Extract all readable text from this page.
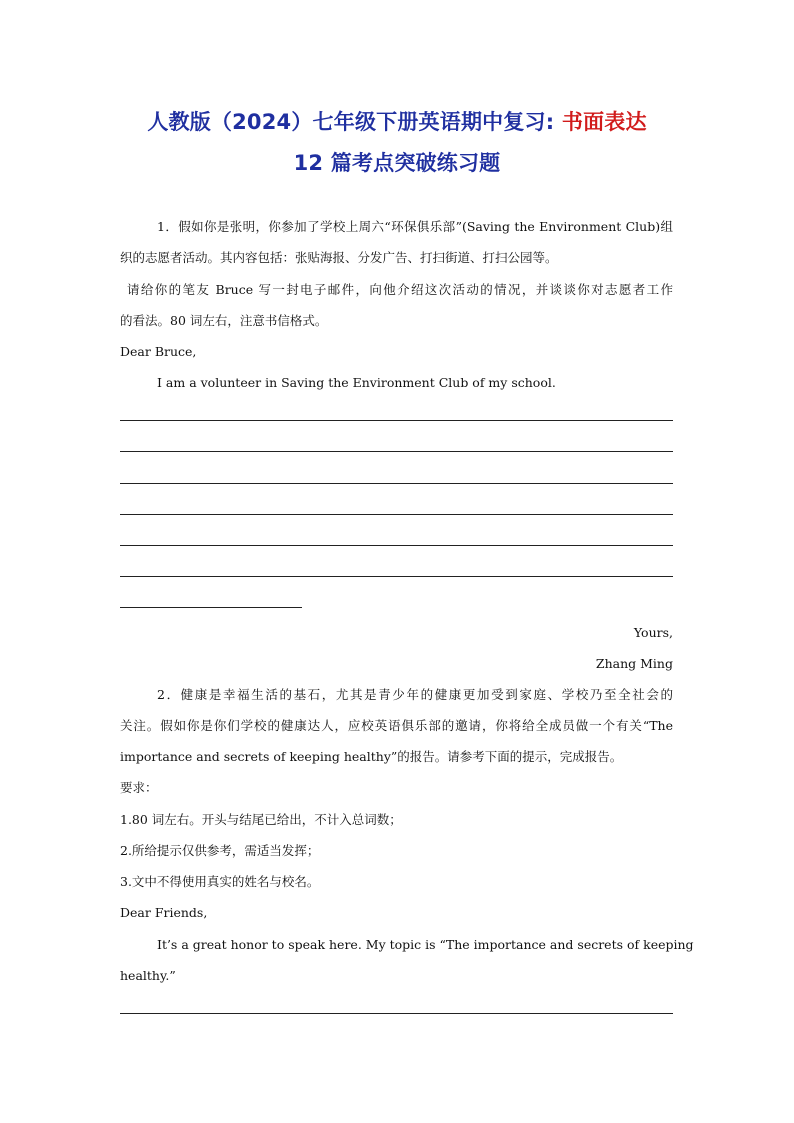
人教版（2024）七年级下册英语期中复习: 书面表达
12 篇考点突破练习题
1．假如你是张明，你参加了学校上周六“环保俱乐部”(Saving the Environment Club)组
织的志愿者活动。其内容包括：张贴海报、分发广告、打扫街道、打扫公园等。
请给你的笔友 Bruce 写一封电子邮件，向他介绍这次活动的情况，并谈谈你对志愿者工作
的看法。80 词左右，注意书信格式。
Dear Bruce,
I am a volunteer in Saving the Environment Club of my school.
Yours,
Zhang Ming
2．健康是幸福生活的基石，尤其是青少年的健康更加受到家庭、学校乃至全社会的
关注。假如你是你们学校的健康达人，应校英语俱乐部的邀请，你将给全成员做一个有关“The
importance and secrets of keeping healthy”的报告。请参考下面的提示，完成报告。
要求：
1.80 词左右。开头与结尾已给出，不计入总词数；
2.所给提示仅供参考，需适当发挥；
3.文中不得使用真实的姓名与校名。
Dear Friends,
It’s a great honor to speak here. My topic is “The importance and secrets of keeping
healthy.”
